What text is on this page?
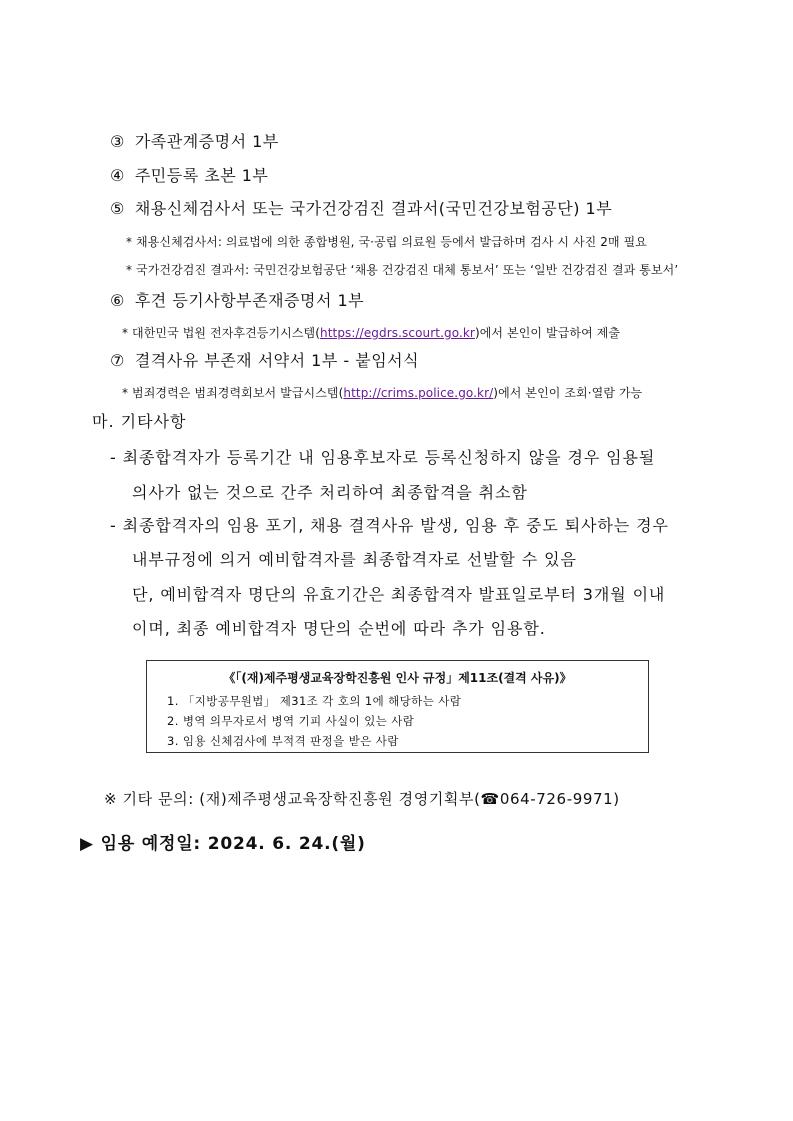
③ 가족관계증명서 1부
④ 주민등록 초본 1부
⑤ 채용신체검사서 또는 국가건강검진 결과서(국민건강보험공단) 1부
* 채용신체검사서: 의료법에 의한 종합병원, 국·공립 의료원 등에서 발급하며 검사 시 사진 2매 필요
* 국가건강검진 결과서: 국민건강보험공단 ‘채용 건강검진 대체 통보서’ 또는 ‘일반 건강검진 결과 통보서’
⑥ 후견 등기사항부존재증명서 1부
* 대한민국 법원 전자후견등기시스템(https://egdrs.scourt.go.kr)에서 본인이 발급하여 제출
⑦ 결격사유 부존재 서약서 1부 - 붙임서식
* 범죄경력은 범죄경력회보서 발급시스템(http://crims.police.go.kr/)에서 본인이 조회·열람 가능
마. 기타사항
- 최종합격자가 등록기간 내 임용후보자로 등록신청하지 않을 경우 임용될
의사가 없는 것으로 간주 처리하여 최종합격을 취소함
- 최종합격자의 임용 포기, 채용 결격사유 발생, 임용 후 중도 퇴사하는 경우
내부규정에 의거 예비합격자를 최종합격자로 선발할 수 있음
단, 예비합격자 명단의 유효기간은 최종합격자 발표일로부터 3개월 이내
이며, 최종 예비합격자 명단의 순번에 따라 추가 임용함.
《「(재)제주평생교육장학진흥원 인사 규정」제11조(결격 사유)》
1. 「지방공무원법」 제31조 각 호의 1에 해당하는 사람
2. 병역 의무자로서 병역 기피 사실이 있는 사람
3. 임용 신체검사에 부적격 판정을 받은 사람
※ 기타 문의: (재)제주평생교육장학진흥원 경영기획부(☎064-726-9971)
▶ 임용 예정일: 2024. 6. 24.(월)
